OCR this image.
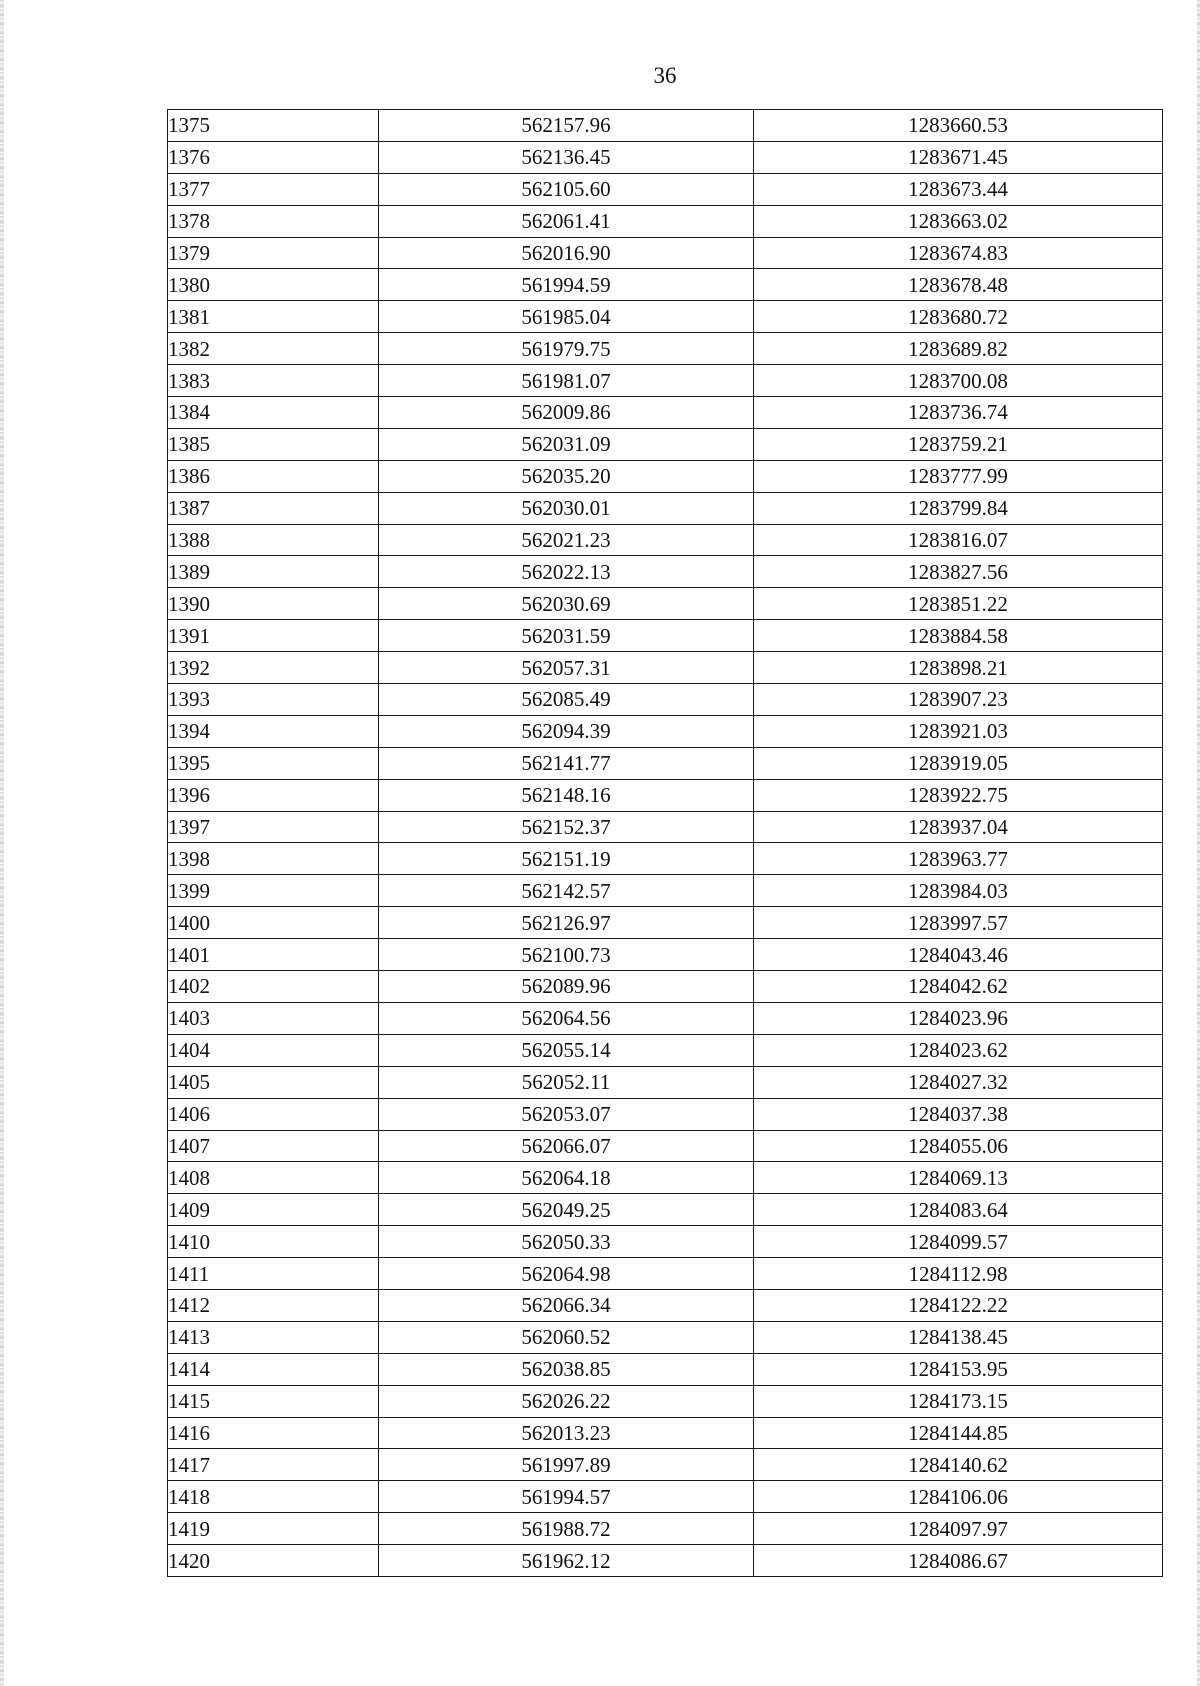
36
1375	562157.96	1283660.53
1376	562136.45	1283671.45
1377	562105.60	1283673.44
1378	562061.41	1283663.02
1379	562016.90	1283674.83
1380	561994.59	1283678.48
1381	561985.04	1283680.72
1382	561979.75	1283689.82
1383	561981.07	1283700.08
1384	562009.86	1283736.74
1385	562031.09	1283759.21
1386	562035.20	1283777.99
1387	562030.01	1283799.84
1388	562021.23	1283816.07
1389	562022.13	1283827.56
1390	562030.69	1283851.22
1391	562031.59	1283884.58
1392	562057.31	1283898.21
1393	562085.49	1283907.23
1394	562094.39	1283921.03
1395	562141.77	1283919.05
1396	562148.16	1283922.75
1397	562152.37	1283937.04
1398	562151.19	1283963.77
1399	562142.57	1283984.03
1400	562126.97	1283997.57
1401	562100.73	1284043.46
1402	562089.96	1284042.62
1403	562064.56	1284023.96
1404	562055.14	1284023.62
1405	562052.11	1284027.32
1406	562053.07	1284037.38
1407	562066.07	1284055.06
1408	562064.18	1284069.13
1409	562049.25	1284083.64
1410	562050.33	1284099.57
1411	562064.98	1284112.98
1412	562066.34	1284122.22
1413	562060.52	1284138.45
1414	562038.85	1284153.95
1415	562026.22	1284173.15
1416	562013.23	1284144.85
1417	561997.89	1284140.62
1418	561994.57	1284106.06
1419	561988.72	1284097.97
1420	561962.12	1284086.67
